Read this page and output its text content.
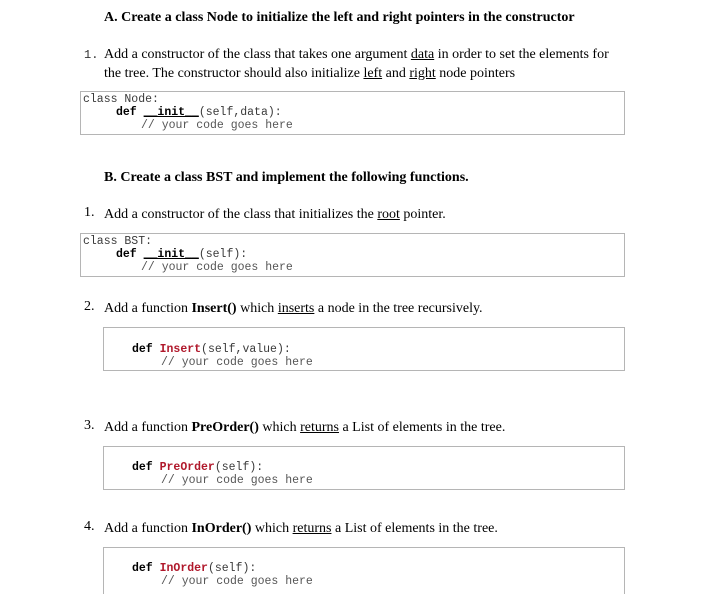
A. Create a class Node to initialize the left and right pointers in the constructor
1. Add a constructor of the class that takes one argument data in order to set the elements for the tree. The constructor should also initialize left and right node pointers
class Node:
def __init__(self,data):
// your code goes here
B. Create a class BST and implement the following functions.
1. Add a constructor of the class that initializes the root pointer.
class BST:
def __init__(self):
// your code goes here
2. Add a function Insert() which inserts a node in the tree recursively.
def Insert(self,value):
// your code goes here
3. Add a function PreOrder() which returns a List of elements in the tree.
def PreOrder(self):
// your code goes here
4. Add a function InOrder() which returns a List of elements in the tree.
def InOrder(self):
// your code goes here
